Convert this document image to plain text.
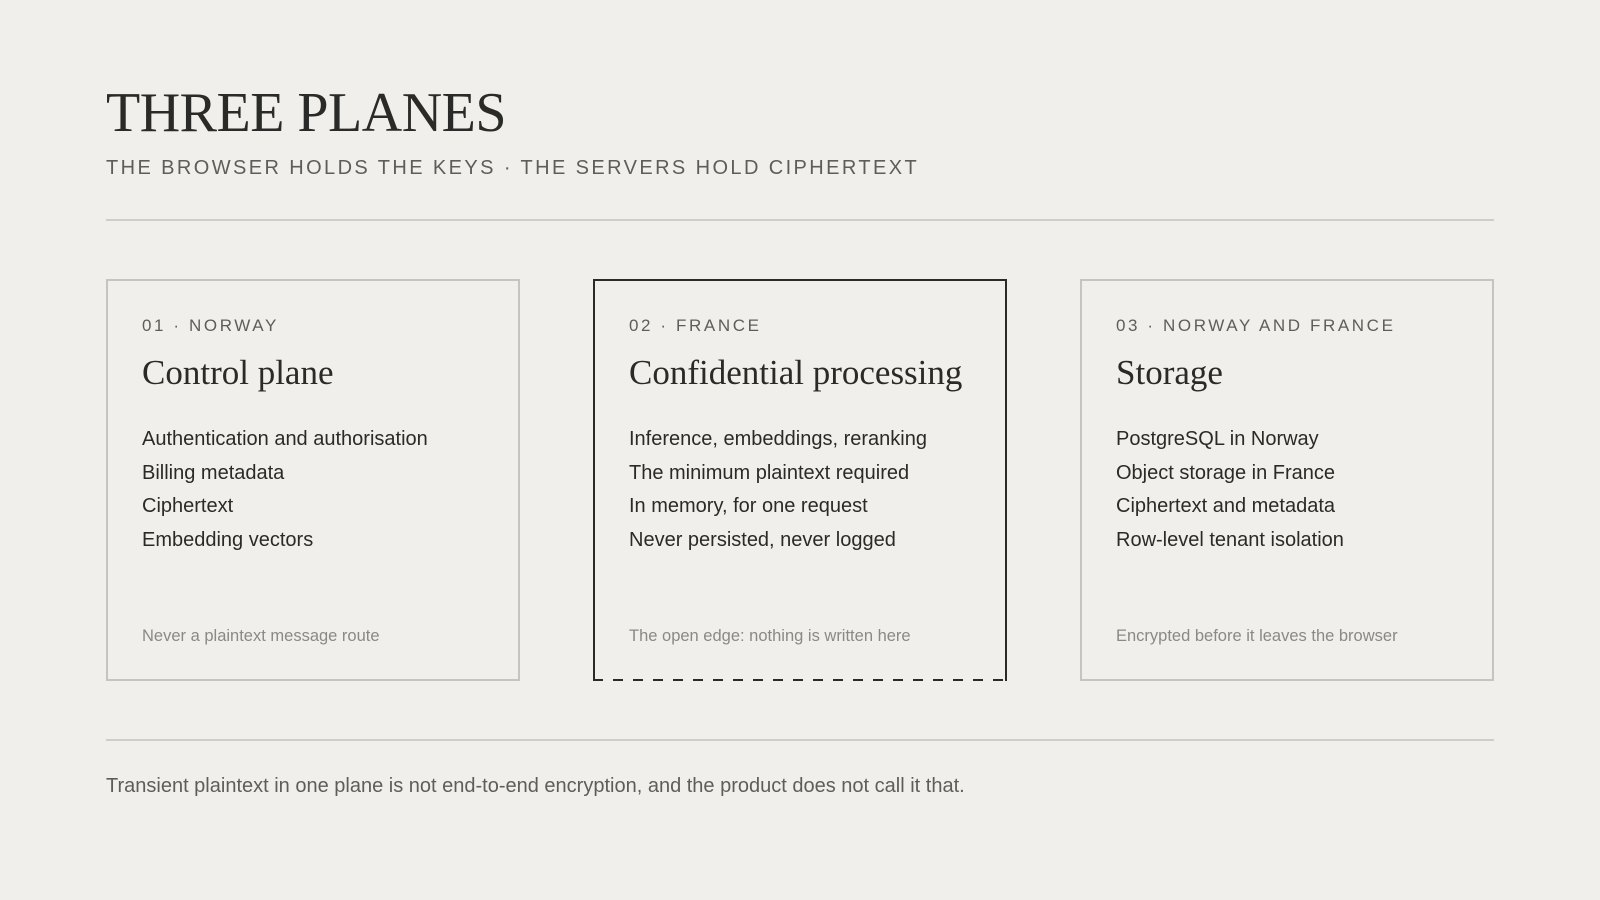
THREE PLANES
THE BROWSER HOLDS THE KEYS · THE SERVERS HOLD CIPHERTEXT

01 · NORWAY

Control plane
Authentication and authorisation
Billing metadata
Ciphertext
Embedding vectors
Never a plaintext message route

02 · FRANCE

Confidential processing
Inference, embeddings, reranking
The minimum plaintext required
In memory, for one request
Never persisted, never logged
The open edge: nothing is written here

03 · NORWAY AND FRANCE

Storage
PostgreSQL in Norway
Object storage in France
Ciphertext and metadata
Row-level tenant isolation
Encrypted before it leaves the browser
Transient plaintext in one plane is not end-to-end encryption, and the product does not call it that.
